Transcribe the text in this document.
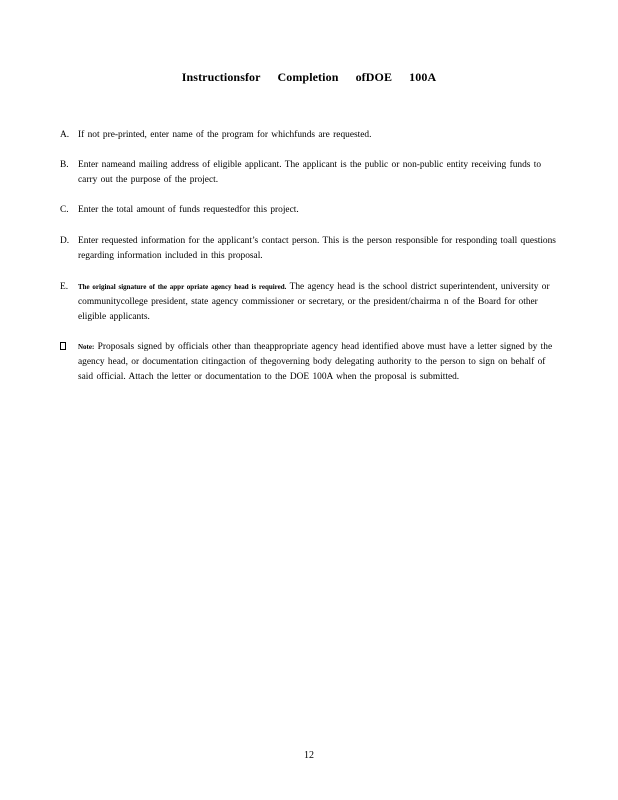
Instructionsfor Completion ofDOE 100A
A. If not pre-printed, enter name of the program for whichfunds are requested.
B. Enter nameand mailing address of eligible applicant. The applicant is the public or non-public entity receiving funds to carry out the purpose of the project.
C. Enter the total amount of funds requestedfor this project.
D. Enter requested information for the applicant’s contact person. This is the person responsible for responding toall questions regarding information included in this proposal.
E.	The original signature of the appr opriate agency head is required. The agency head is the school district superintendent, university or communitycollege president, state agency commissioner or secretary, or the president/chairma n of the Board for other eligible applicants.
Note: Proposals signed by officials other than theappropriate agency head identified above must have a letter signed by the agency head, or documentation citingaction of thegoverning body delegating authority to the person to sign on behalf of said official. Attach the letter or documentation to the DOE 100A when the proposal is submitted.
12
